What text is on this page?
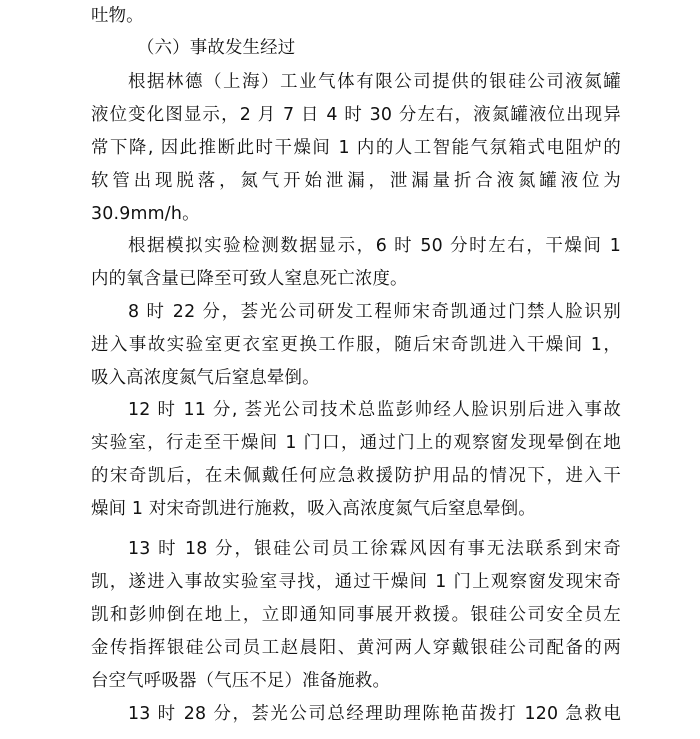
吐物。
（六）事故发生经过
根据林德（上海）工业气体有限公司提供的银硅公司液氮罐
液位变化图显示，2 月 7 日 4 时 30 分左右，液氮罐液位出现异
常下降, 因此推断此时干燥间 1 内的人工智能气氛箱式电阻炉的
软管出现脱落，氮气开始泄漏，泄漏量折合液氮罐液位为
30.9mm/h。
根据模拟实验检测数据显示，6 时 50 分时左右，干燥间 1
内的氧含量已降至可致人窒息死亡浓度。
8 时 22 分，荟光公司研发工程师宋奇凯通过门禁人脸识别
进入事故实验室更衣室更换工作服，随后宋奇凯进入干燥间 1，
吸入高浓度氮气后窒息晕倒。
12 时 11 分, 荟光公司技术总监彭帅经人脸识别后进入事故
实验室，行走至干燥间 1 门口，通过门上的观察窗发现晕倒在地
的宋奇凯后，在未佩戴任何应急救援防护用品的情况下，进入干
燥间 1 对宋奇凯进行施救，吸入高浓度氮气后窒息晕倒。
13 时 18 分，银硅公司员工徐霖风因有事无法联系到宋奇
凯，遂进入事故实验室寻找，通过干燥间 1 门上观察窗发现宋奇
凯和彭帅倒在地上，立即通知同事展开救援。银硅公司安全员左
金传指挥银硅公司员工赵晨阳、黄河两人穿戴银硅公司配备的两
台空气呼吸器（气压不足）准备施救。
13 时 28 分，荟光公司总经理助理陈艳苗拨打 120 急救电
